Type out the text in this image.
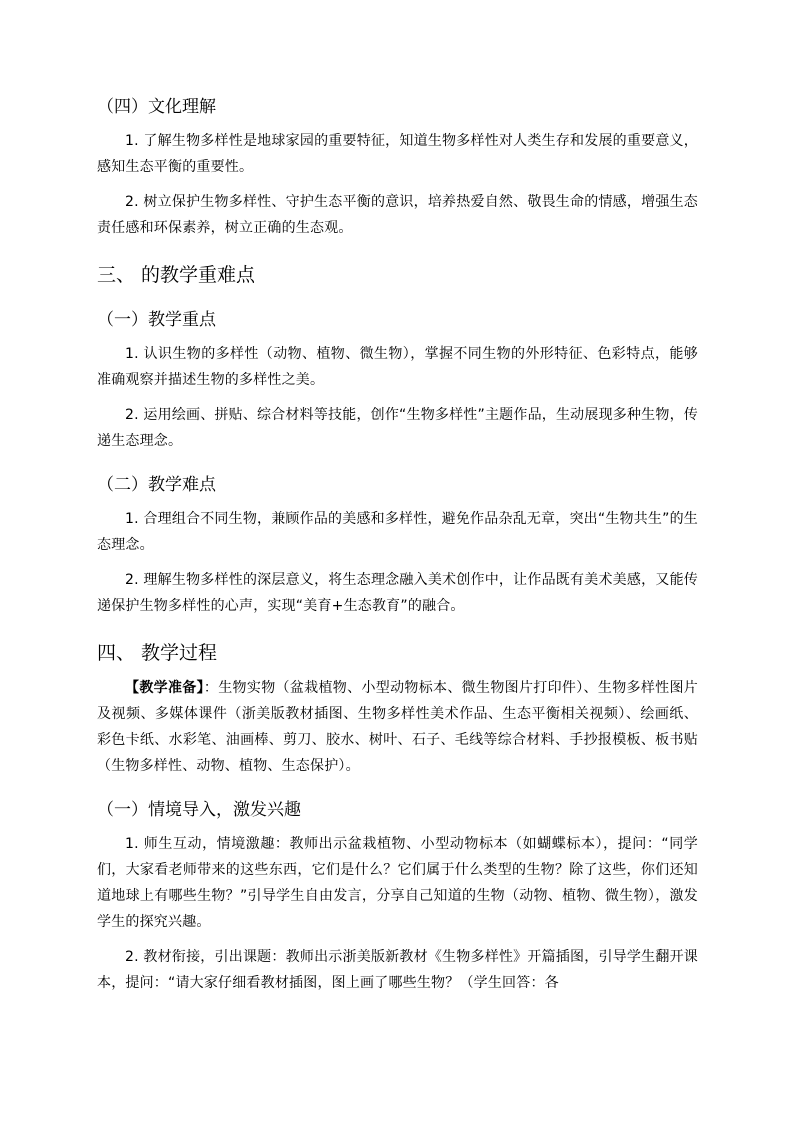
（四）文化理解

1. 了解生物多样性是地球家园的重要特征，知道生物多样性对人类生存和发展的重要意义，感知生态平衡的重要性。

2. 树立保护生物多样性、守护生态平衡的意识，培养热爱自然、敬畏生命的情感，增强生态责任感和环保素养，树立正确的生态观。

三、 的教学重难点
（一）教学重点

1. 认识生物的多样性（动物、植物、微生物），掌握不同生物的外形特征、色彩特点，能够准确观察并描述生物的多样性之美。

2. 运用绘画、拼贴、综合材料等技能，创作“生物多样性”主题作品，生动展现多种生物，传递生态理念。

（二）教学难点

1. 合理组合不同生物，兼顾作品的美感和多样性，避免作品杂乱无章，突出“生物共生”的生态理念。

2. 理解生物多样性的深层意义，将生态理念融入美术创作中，让作品既有美术美感，又能传递保护生物多样性的心声，实现“美育+生态教育”的融合。

四、 教学过程

【教学准备】：生物实物（盆栽植物、小型动物标本、微生物图片打印件）、生物多样性图片及视频、多媒体课件（浙美版教材插图、生物多样性美术作品、生态平衡相关视频）、绘画纸、彩色卡纸、水彩笔、油画棒、剪刀、胶水、树叶、石子、毛线等综合材料、手抄报模板、板书贴（生物多样性、动物、植物、生态保护）。

（一）情境导入，激发兴趣

1. 师生互动，情境激趣：教师出示盆栽植物、小型动物标本（如蝴蝶标本），提问：“同学们，大家看老师带来的这些东西，它们是什么？它们属于什么类型的生物？除了这些，你们还知道地球上有哪些生物？”引导学生自由发言，分享自己知道的生物（动物、植物、微生物），激发学生的探究兴趣。

2. 教材衔接，引出课题：教师出示浙美版新教材《生物多样性》开篇插图，引导学生翻开课本，提问：“请大家仔细看教材插图，图上画了哪些生物？（学生回答：各
